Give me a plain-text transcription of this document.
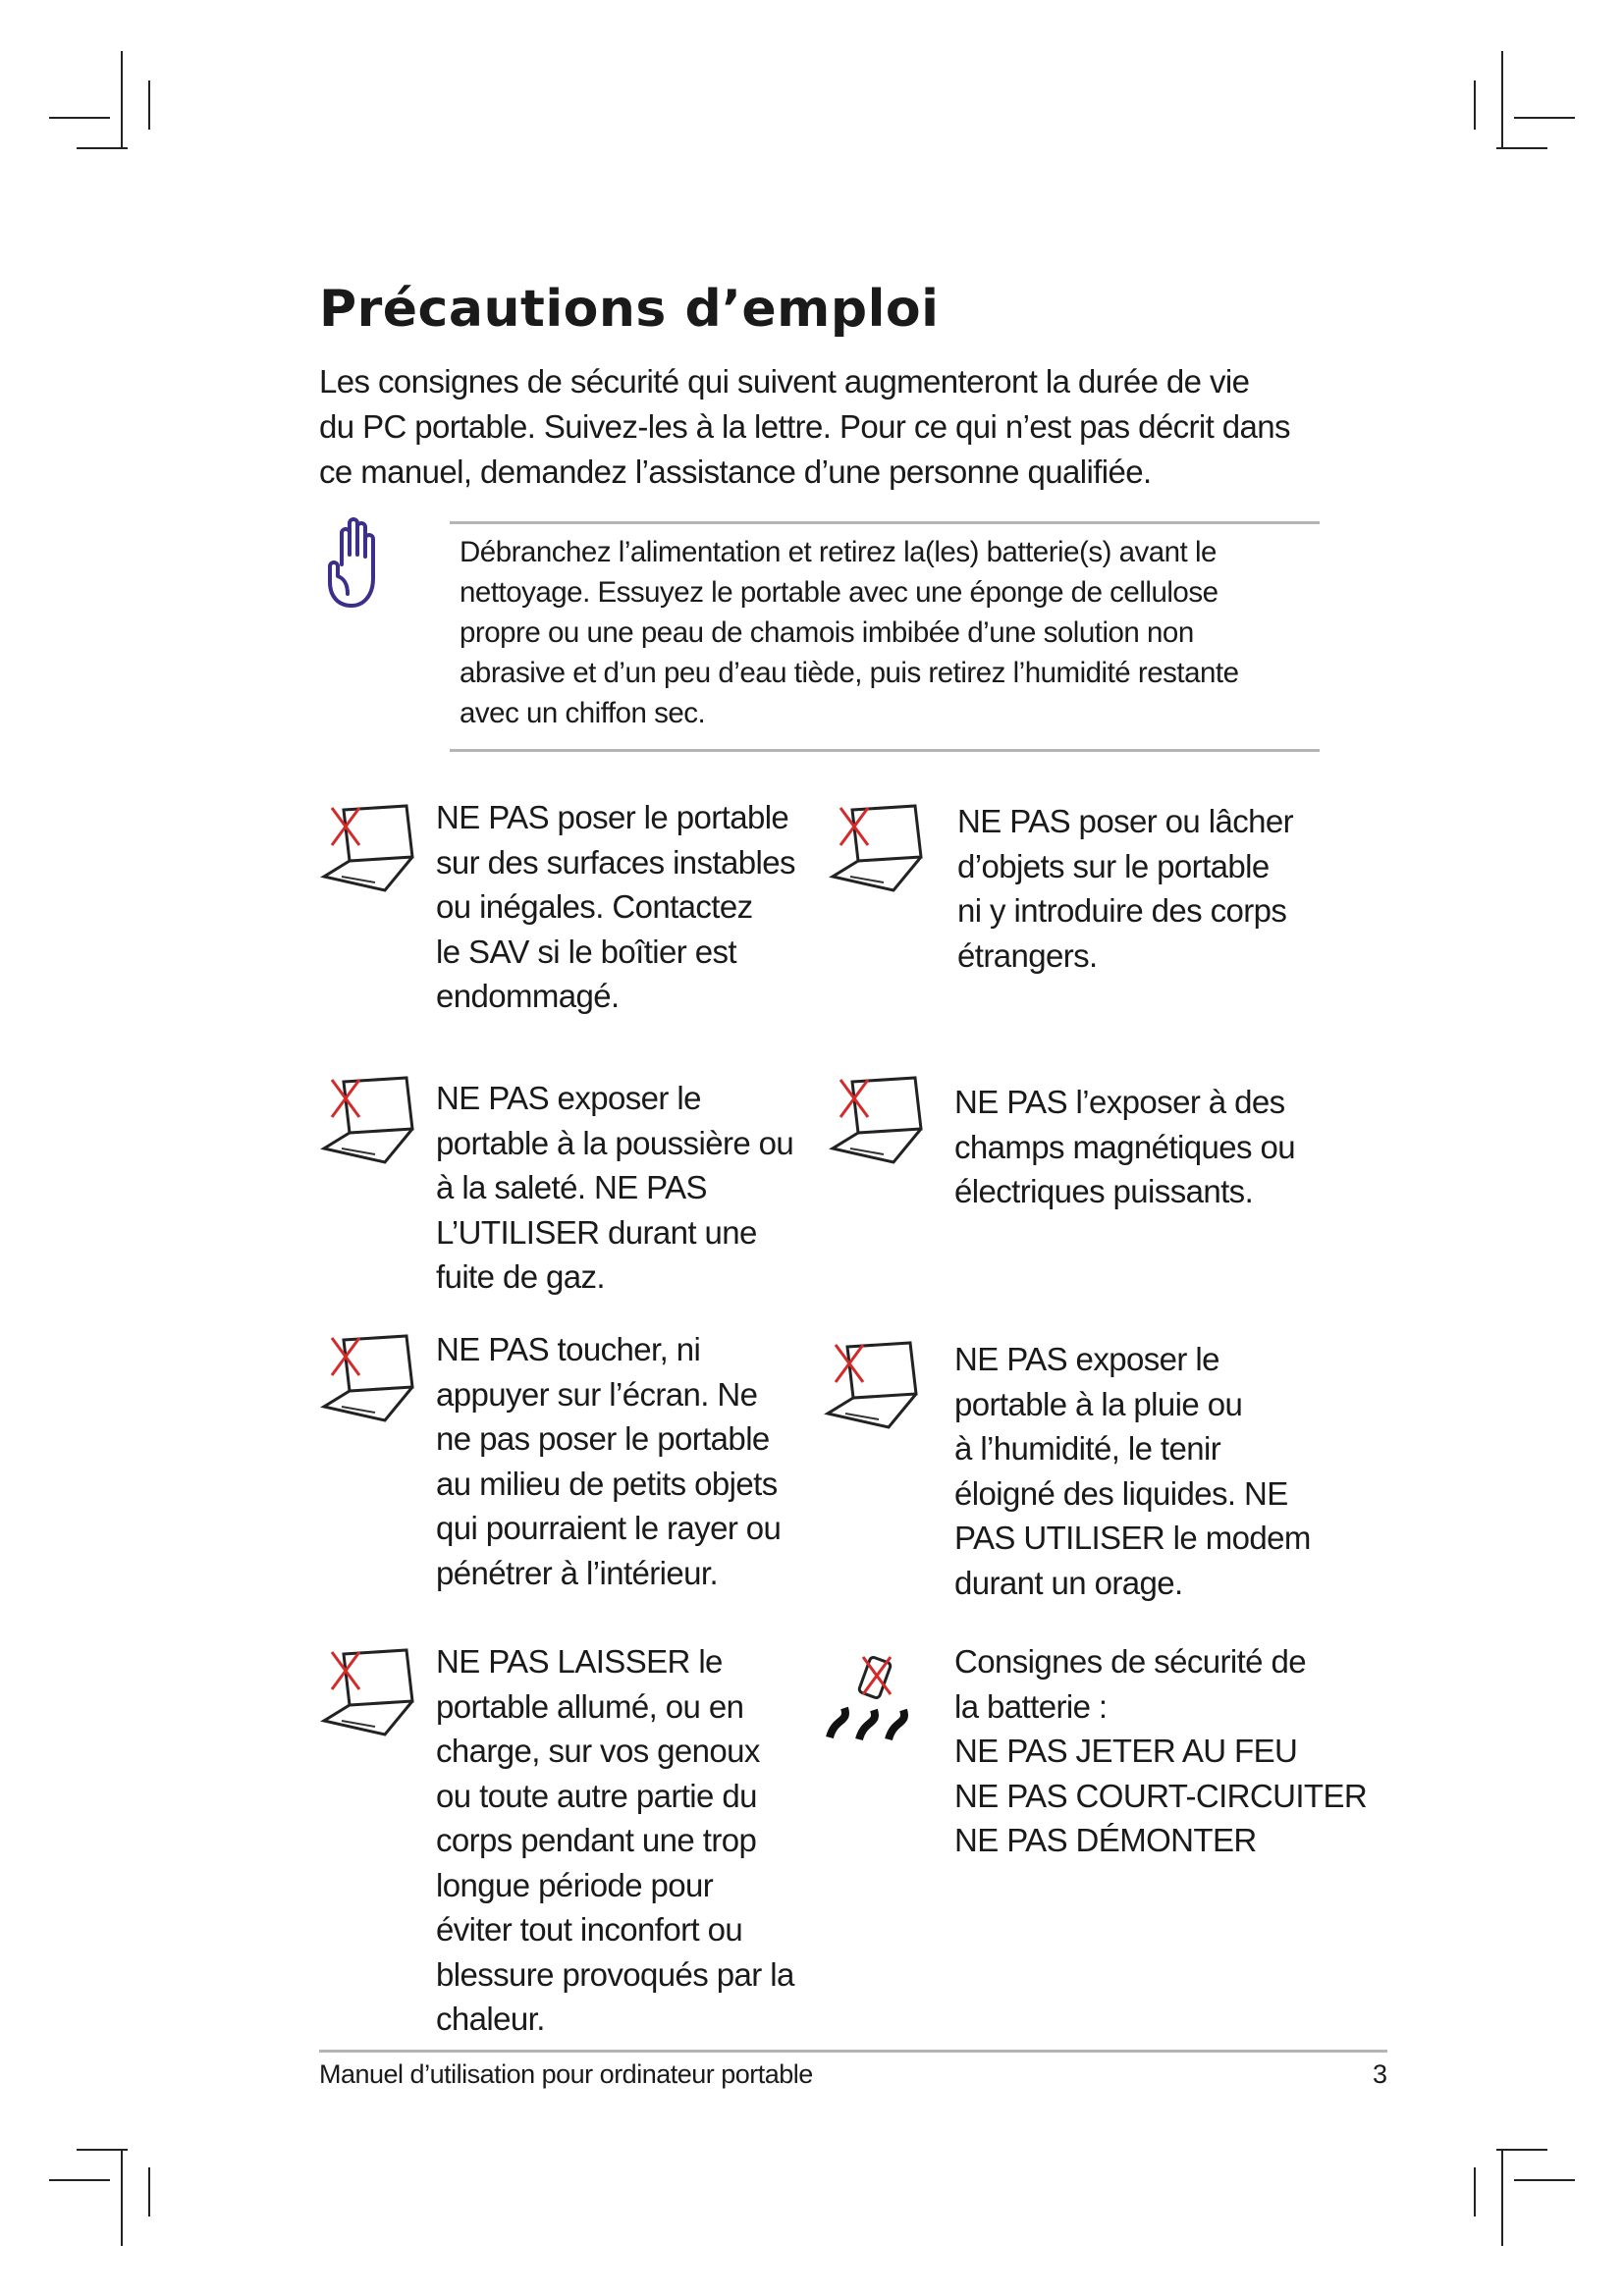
Précautions d’emploi
Les consignes de sécurité qui suivent augmenteront la durée de vie
du PC portable. Suivez-les à la lettre. Pour ce qui n’est pas décrit dans
ce manuel, demandez l’assistance d’une personne qualifiée.
Débranchez l’alimentation et retirez la(les) batterie(s) avant le
nettoyage. Essuyez le portable avec une éponge de cellulose
propre ou une peau de chamois imbibée d’une solution non
abrasive et d’un peu d’eau tiède, puis retirez l’humidité restante
avec un chiffon sec.
NE PAS poser le portable
sur des surfaces instables
ou inégales. Contactez
le SAV si le boîtier est
endommagé.
NE PAS poser ou lâcher
d’objets sur le portable
ni y introduire des corps
étrangers.
NE PAS exposer le
portable à la poussière ou
à la saleté. NE PAS
L’UTILISER durant une
fuite de gaz.
NE PAS l’exposer à des
champs magnétiques ou
électriques puissants.
NE PAS toucher, ni
appuyer sur l’écran. Ne
ne pas poser le portable
au milieu de petits objets
qui pourraient le rayer ou
pénétrer à l’intérieur.
NE PAS exposer le
portable à la pluie ou
à l’humidité, le tenir
éloigné des liquides. NE
PAS UTILISER le modem
durant un orage.
NE PAS LAISSER le
portable allumé, ou en
charge, sur vos genoux
ou toute autre partie du
corps pendant une trop
longue période pour
éviter tout inconfort ou
blessure provoqués par la
chaleur.
Consignes de sécurité de
la batterie :
NE PAS JETER AU FEU
NE PAS COURT-CIRCUITER
NE PAS DÉMONTER
Manuel d’utilisation pour ordinateur portable	3
